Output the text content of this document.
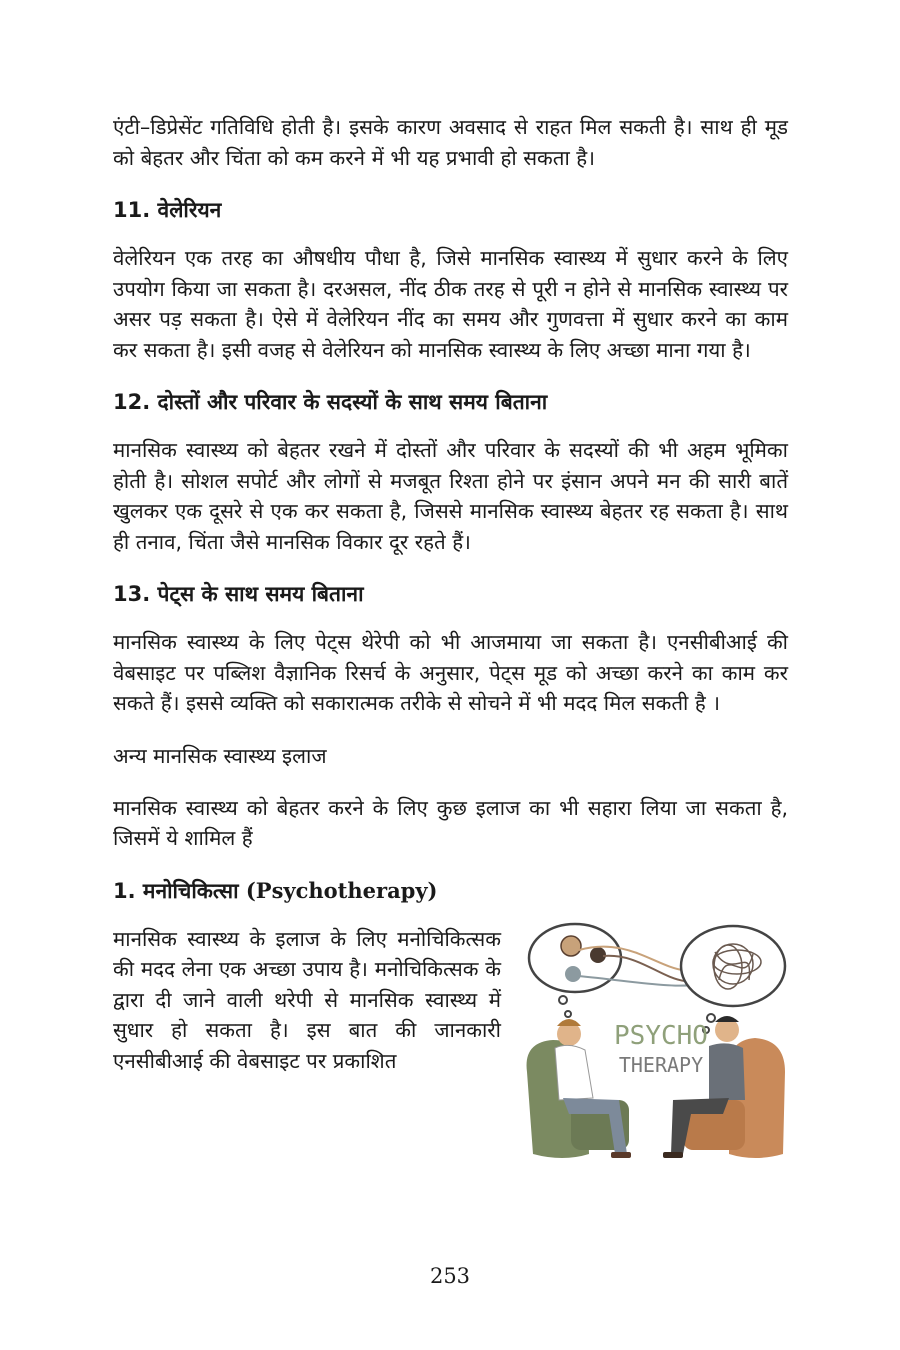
एंटी–डिप्रेसेंट गतिविधि होती है। इसके कारण अवसाद से राहत मिल सकती है। साथ ही मूड को बेहतर और चिंता को कम करने में भी यह प्रभावी हो सकता है।

11. वेलेरियन

वेलेरियन एक तरह का औषधीय पौधा है, जिसे मानसिक स्वास्थ्य में सुधार करने के लिए उपयोग किया जा सकता है। दरअसल, नींद ठीक तरह से पूरी न होने से मानसिक स्वास्थ्य पर असर पड़ सकता है। ऐसे में वेलेरियन नींद का समय और गुणवत्ता में सुधार करने का काम कर सकता है। इसी वजह से वेलेरियन को मानसिक स्वास्थ्य के लिए अच्छा माना गया है।

12. दोस्तों और परिवार के सदस्यों के साथ समय बिताना

मानसिक स्वास्थ्य को बेहतर रखने में दोस्तों और परिवार के सदस्यों की भी अहम भूमिका होती है। सोशल सपोर्ट और लोगों से मजबूत रिश्ता होने पर इंसान अपने मन की सारी बातें खुलकर एक दूसरे से एक कर सकता है, जिससे मानसिक स्वास्थ्य बेहतर रह सकता है। साथ ही तनाव, चिंता जैसे मानसिक विकार दूर रहते हैं।

13. पेट्स के साथ समय बिताना

मानसिक स्वास्थ्य के लिए पेट्स थेरेपी को भी आजमाया जा सकता है। एनसीबीआई की वेबसाइट पर पब्लिश वैज्ञानिक रिसर्च के अनुसार, पेट्स मूड को अच्छा करने का काम कर सकते हैं। इससे व्यक्ति को सकारात्मक तरीके से सोचने में भी मदद मिल सकती है ।

अन्य मानसिक स्वास्थ्य इलाज

मानसिक स्वास्थ्य को बेहतर करने के लिए कुछ इलाज का भी सहारा लिया जा सकता है, जिसमें ये शामिल हैं

1. मनोचिकित्सा (Psychotherapy)

मानसिक स्वास्थ्य के इलाज के लिए मनोचिकित्सक की मदद लेना एक अच्छा उपाय है। मनोचिकित्सक के द्वारा दी जाने वाली थरेपी से मानसिक स्वास्थ्य में सुधार हो सकता है। इस बात की जानकारी एनसीबीआई की वेबसाइट पर प्रकाशित

PSYCHO
THERAPY
253
